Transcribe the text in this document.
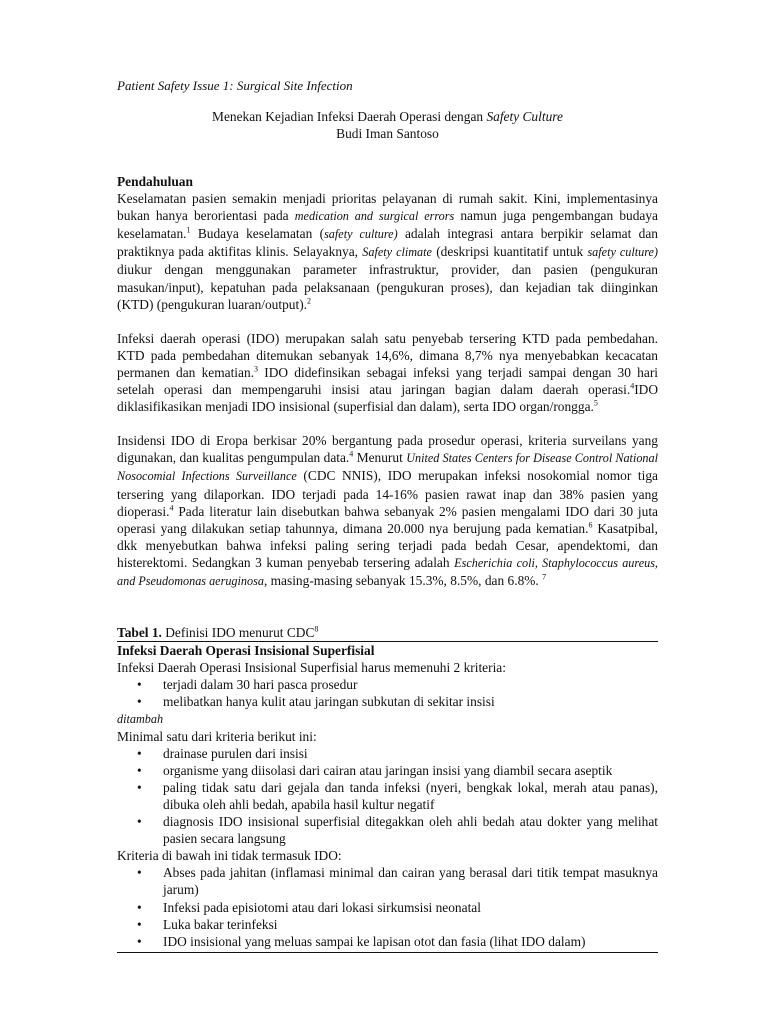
Patient Safety Issue 1: Surgical Site Infection
Menekan Kejadian Infeksi Daerah Operasi dengan Safety Culture
Budi Iman Santoso
Pendahuluan

Keselamatan pasien semakin menjadi prioritas pelayanan di rumah sakit. Kini, implementasinya bukan hanya berorientasi pada medication and surgical errors namun juga pengembangan budaya keselamatan.$^1$ Budaya keselamatan (safety culture) adalah integrasi antara berpikir selamat dan praktiknya pada aktifitas klinis. Selayaknya, Safety climate (deskripsi kuantitatif untuk safety culture) diukur dengan menggunakan parameter infrastruktur, provider, dan pasien (pengukuran masukan/input), kepatuhan pada pelaksanaan (pengukuran proses), dan kejadian tak diinginkan (KTD) (pengukuran luaran/output).$^2$

Infeksi daerah operasi (IDO) merupakan salah satu penyebab tersering KTD pada pembedahan. KTD pada pembedahan ditemukan sebanyak 14,6%, dimana 8,7% nya menyebabkan kecacatan permanen dan kematian.$^3$ IDO didefinsikan sebagai infeksi yang terjadi sampai dengan 30 hari setelah operasi dan mempengaruhi insisi atau jaringan bagian dalam daerah operasi.$^4$IDO diklasifikasikan menjadi IDO insisional (superfisial dan dalam), serta IDO organ/rongga.$^5$

Insidensi IDO di Eropa berkisar 20% bergantung pada prosedur operasi, kriteria surveilans yang digunakan, dan kualitas pengumpulan data.$^4$ Menurut United States Centers for Disease Control National Nosocomial Infections Surveillance (CDC NNIS), IDO merupakan infeksi nosokomial nomor tiga tersering yang dilaporkan. IDO terjadi pada 14-16% pasien rawat inap dan 38% pasien yang dioperasi.$^4$ Pada literatur lain disebutkan bahwa sebanyak 2% pasien mengalami IDO dari 30 juta operasi yang dilakukan setiap tahunnya, dimana 20.000 nya berujung pada kematian.$^6$ Kasatpibal, dkk menyebutkan bahwa infeksi paling sering terjadi pada bedah Cesar, apendektomi, dan histerektomi. Sedangkan 3 kuman penyebab tersering adalah Escherichia coli, Staphylococcus aureus, and Pseudomonas aeruginosa, masing-masing sebanyak 15.3%, 8.5%, dan 6.8%. $^7$

Tabel 1. Definisi IDO menurut CDC$^8$
Infeksi Daerah Operasi Insisional Superfisial
Infeksi Daerah Operasi Insisional Superfisial harus memenuhi 2 kriteria:
• terjadi dalam 30 hari pasca prosedur
• melibatkan hanya kulit atau jaringan subkutan di sekitar insisi
ditambah
Minimal satu dari kriteria berikut ini:
• drainase purulen dari insisi
• organisme yang diisolasi dari cairan atau jaringan insisi yang diambil secara aseptik
• paling tidak satu dari gejala dan tanda infeksi (nyeri, bengkak lokal, merah atau panas), dibuka oleh ahli bedah, apabila hasil kultur negatif
• diagnosis IDO insisional superfisial ditegakkan oleh ahli bedah atau dokter yang melihat pasien secara langsung
Kriteria di bawah ini tidak termasuk IDO:
• Abses pada jahitan (inflamasi minimal dan cairan yang berasal dari titik tempat masuknya jarum)
• Infeksi pada episiotomi atau dari lokasi sirkumsisi neonatal
• Luka bakar terinfeksi
• IDO insisional yang meluas sampai ke lapisan otot dan fasia (lihat IDO dalam)
